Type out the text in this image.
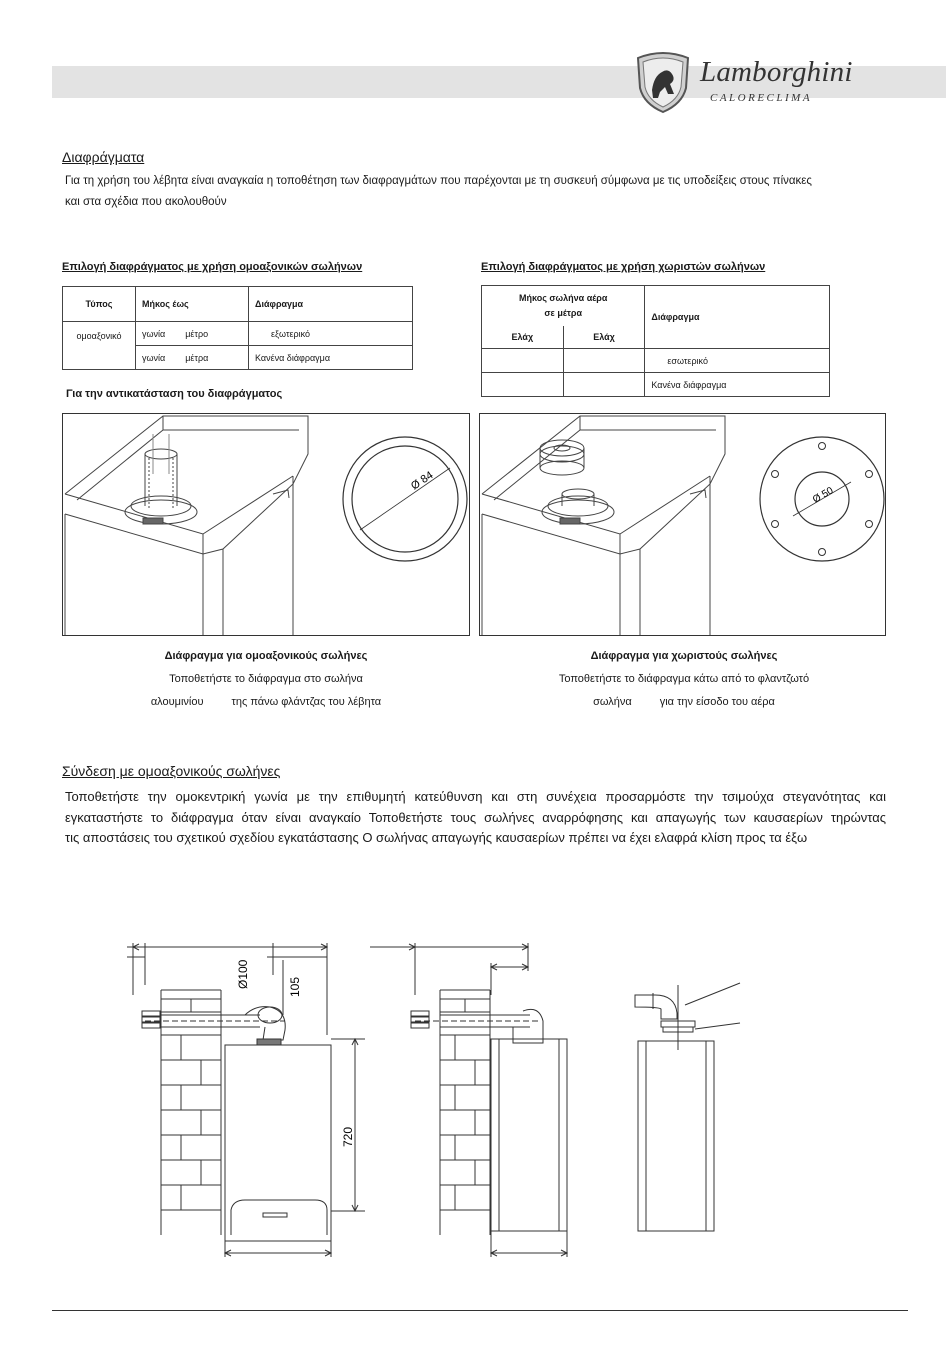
Lamborghini
CALORECLIMA
Διαφράγματα
Για τη χρήση του λέβητα είναι αναγκαία η τοποθέτηση των διαφραγμάτων που παρέχονται με τη συσκευή σύμφωνα με τις υποδείξεις στους πίνακες
και στα σχέδια που ακολουθούν
Επιλογή διαφράγματος με χρήση ομοαξονικών σωλήνων
Τύπος	Μήκος έως	Διάφραγμα
ομοαξονικό	γωνία μέτρο	εξωτερικό
	γωνία μέτρα	Κανένα διάφραγμα
Επιλογή διαφράγματος με χρήση χωριστών σωλήνων
Μήκος σωλήνα αέρα
σε μέτρα		Διάφραγμα
Ελάχ	Ελάχ	
		εσωτερικό
		Κανένα διάφραγμα
Για την αντικατάσταση του διαφράγματος
Ø 84
Ø 50
Διάφραγμα για ομοαξονικούς σωλήνες
Τοποθετήστε το διάφραγμα στο σωλήνα
αλουμινίου	της πάνω φλάντζας του λέβητα
Διάφραγμα για χωριστούς σωλήνες
Τοποθετήστε το διάφραγμα κάτω από το φλαντζωτό
σωλήνα	για την είσοδο του αέρα
Σύνδεση με ομοαξονικούς σωλήνες
Τοποθετήστε την ομοκεντρική γωνία με την επιθυμητή κατεύθυνση και στη συνέχεια προσαρμόστε την τσιμούχα στεγανότητας και
εγκαταστήστε το διάφραγμα όταν είναι αναγκαίο Τοποθετήστε τους σωλήνες αναρρόφησης και απαγωγής των καυσαερίων τηρώντας
τις αποστάσεις του σχετικού σχεδίου εγκατάστασης Ο σωλήνας απαγωγής καυσαερίων πρέπει να έχει ελαφρά κλίση προς τα έξω
Ø100	105
720
